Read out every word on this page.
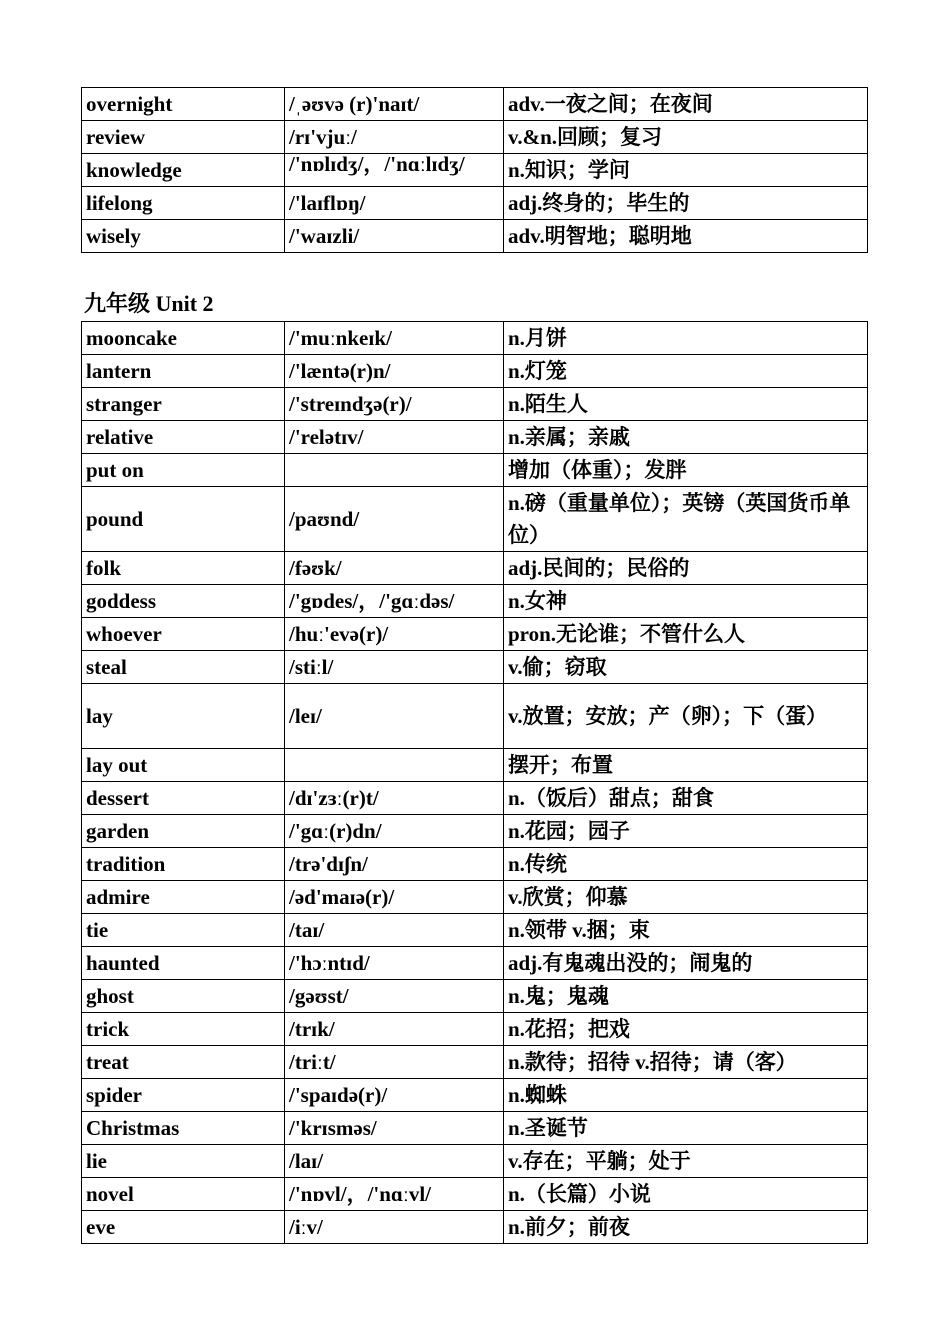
overnight	/ˌəʊvə (r)'naɪt/	adv.一夜之间；在夜间
review	/rɪ'vjuː/	v.&n.回顾；复习
knowledge	/'nɒlɪdʒ/，/'nɑːlɪdʒ/	n.知识；学问
lifelong	/'laɪflɒŋ/	adj.终身的；毕生的
wisely	/'waɪzli/	adv.明智地；聪明地
九年级 Unit 2
mooncake	/'muːnkeɪk/	n.月饼
lantern	/'læntə(r)n/	n.灯笼
stranger	/'streɪndʒə(r)/	n.陌生人
relative	/'relətɪv/	n.亲属；亲戚
put on		增加（体重）；发胖
pound	/paʊnd/	n.磅（重量单位）；英镑（英国货币单位）
folk	/fəʊk/	adj.民间的；民俗的
goddess	/'gɒdes/，/'gɑːdəs/	n.女神
whoever	/huː'evə(r)/	pron.无论谁；不管什么人
steal	/stiːl/	v.偷；窃取
lay	/leɪ/	v.放置；安放；产（卵）；下（蛋）
lay out		摆开；布置
dessert	/dɪ'zɜː(r)t/	n.（饭后）甜点；甜食
garden	/'gɑː(r)dn/	n.花园；园子
tradition	/trə'dɪʃn/	n.传统
admire	/əd'maɪə(r)/	v.欣赏；仰慕
tie	/taɪ/	n.领带 v.捆；束
haunted	/'hɔːntɪd/	adj.有鬼魂出没的；闹鬼的
ghost	/gəʊst/	n.鬼；鬼魂
trick	/trɪk/	n.花招；把戏
treat	/triːt/	n.款待；招待 v.招待；请（客）
spider	/'spaɪdə(r)/	n.蜘蛛
Christmas	/'krɪsməs/	n.圣诞节
lie	/laɪ/	v.存在；平躺；处于
novel	/'nɒvl/，/'nɑːvl/	n.（长篇）小说
eve	/iːv/	n.前夕；前夜
